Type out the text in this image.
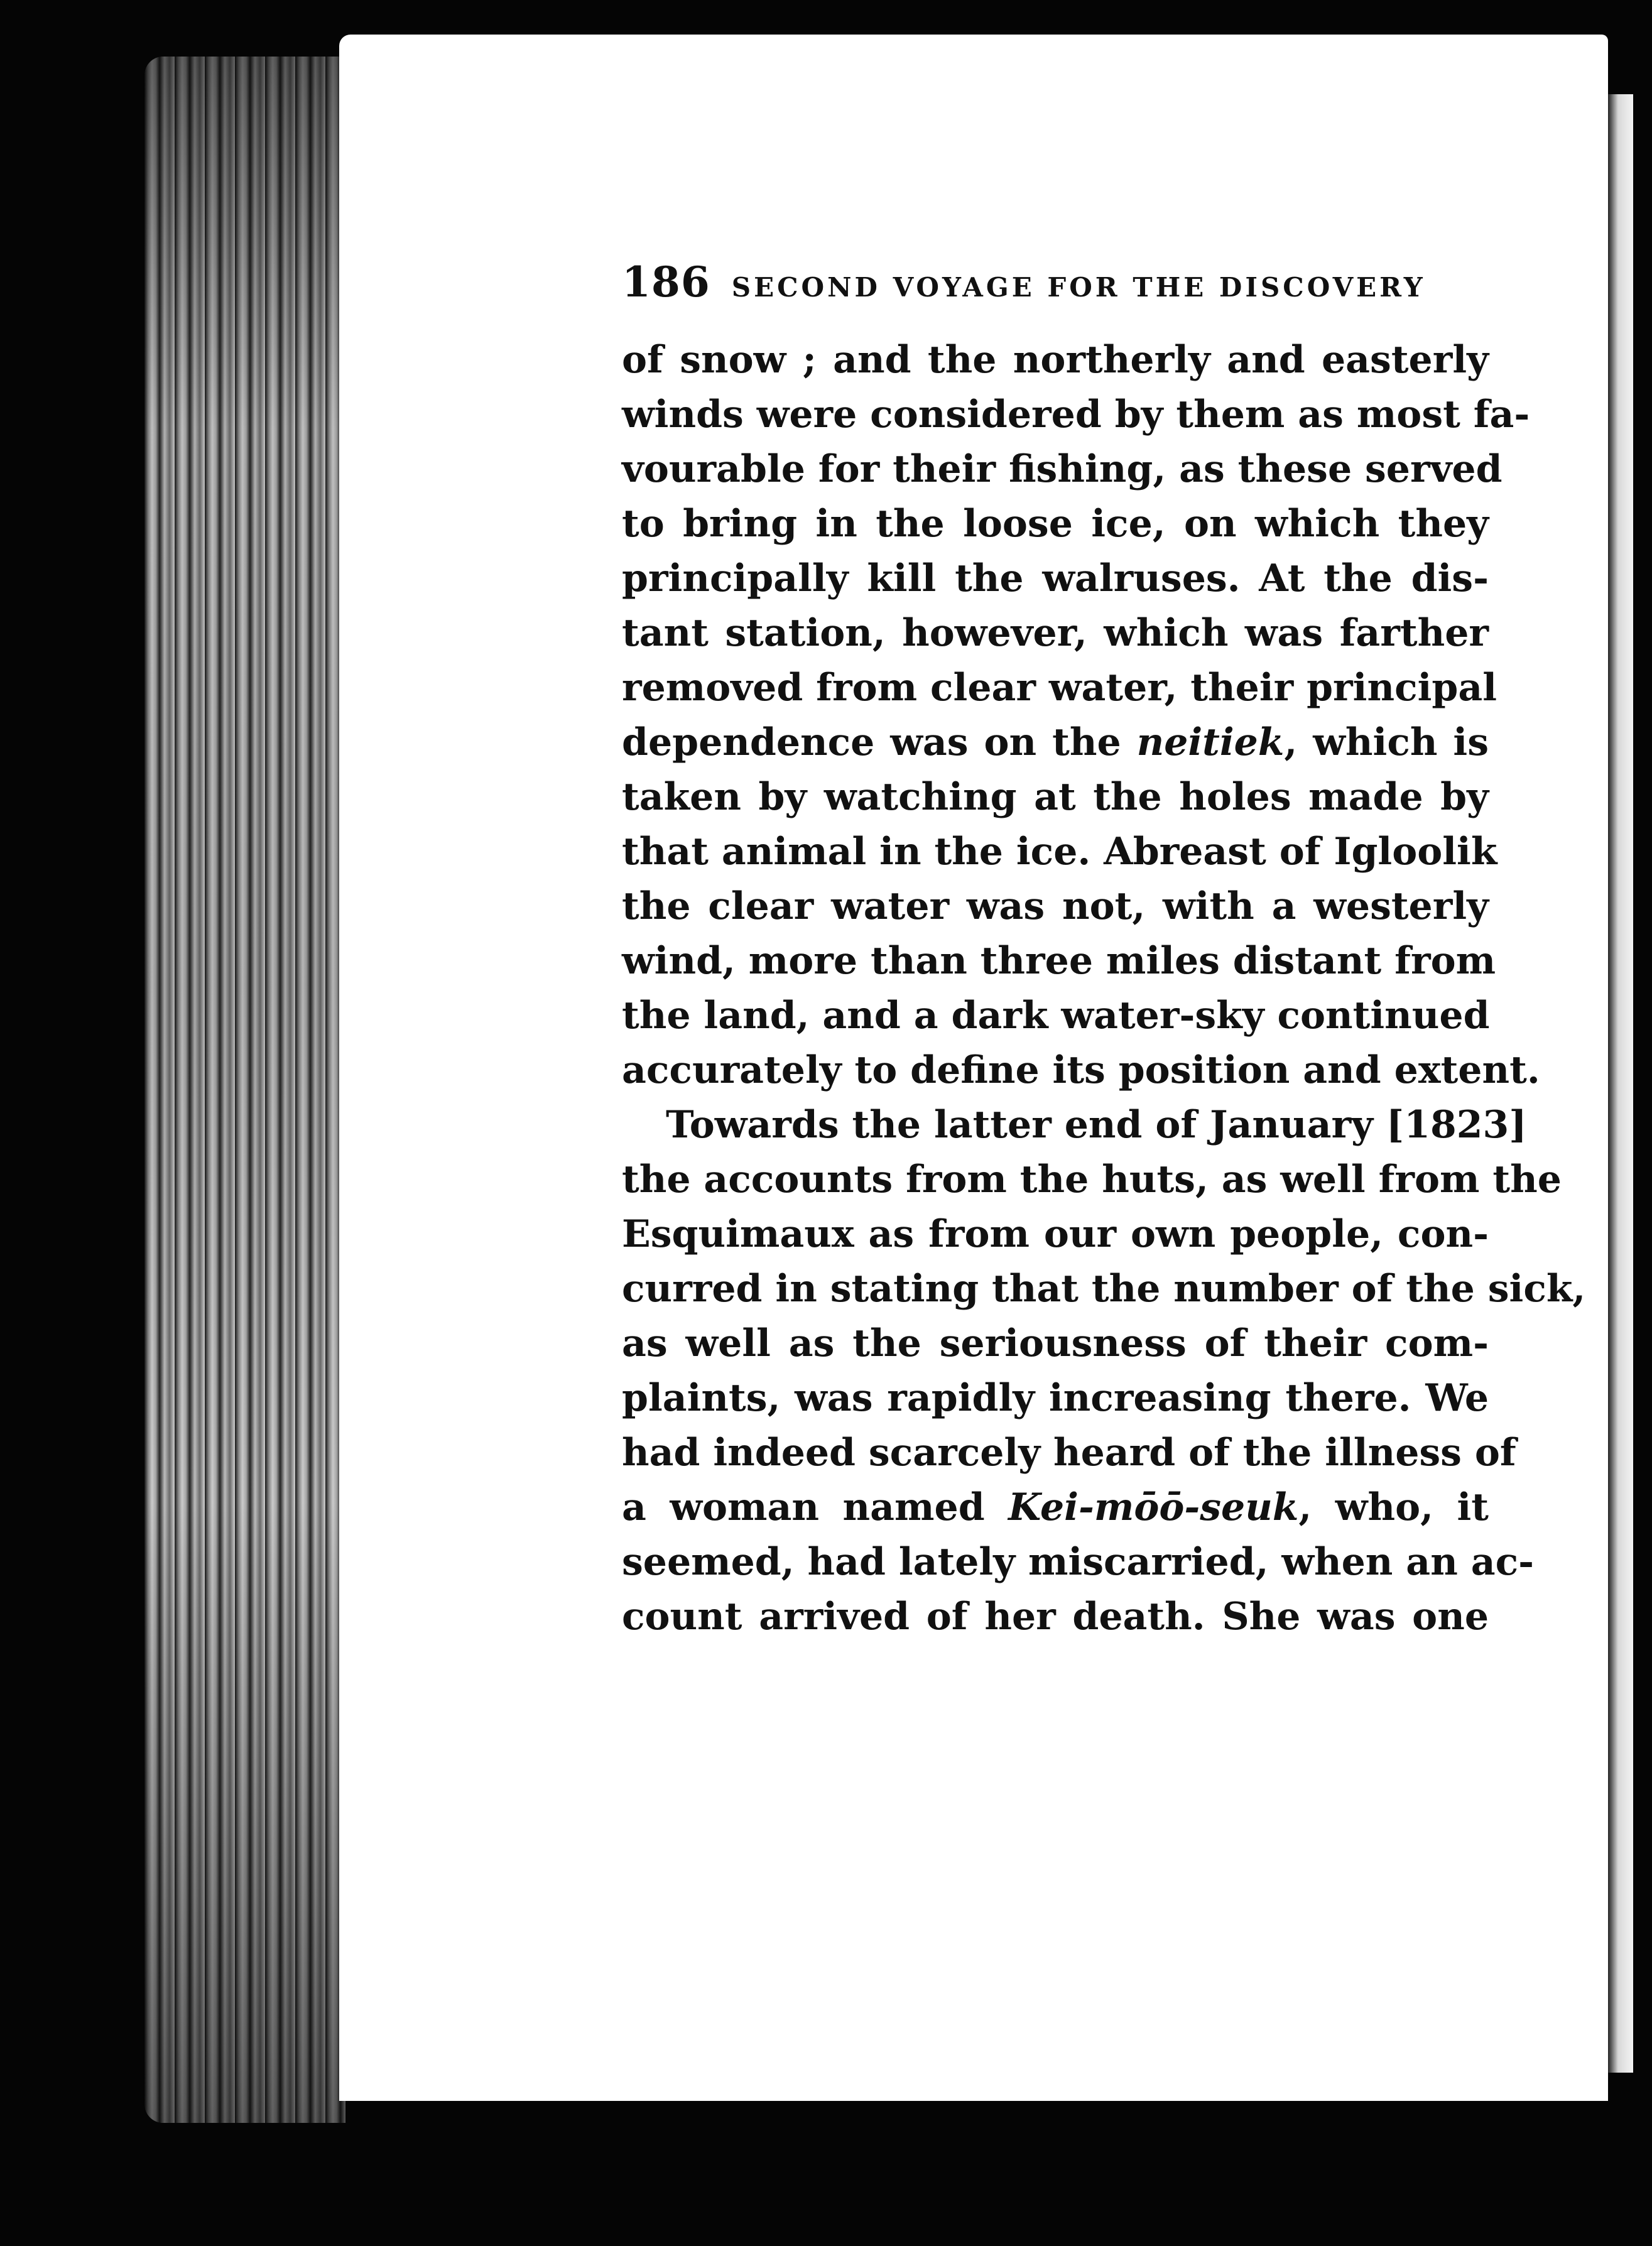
186 SECOND VOYAGE FOR THE DISCOVERY
of snow ; and the northerly and easterly
winds were considered by them as most fa-
vourable for their fishing, as these served
to bring in the loose ice, on which they
principally kill the walruses. At the dis-
tant station, however, which was farther
removed from clear water, their principal
dependence was on the neitiek, which is
taken by watching at the holes made by
that animal in the ice. Abreast of Igloolik
the clear water was not, with a westerly
wind, more than three miles distant from
the land, and a dark water-sky continued
accurately to define its position and extent.
Towards the latter end of January [1823]
the accounts from the huts, as well from the
Esquimaux as from our own people, con-
curred in stating that the number of the sick,
as well as the seriousness of their com-
plaints, was rapidly increasing there. We
had indeed scarcely heard of the illness of
a woman named Kei-mōō-seuk, who, it
seemed, had lately miscarried, when an ac-
count arrived of her death. She was one
